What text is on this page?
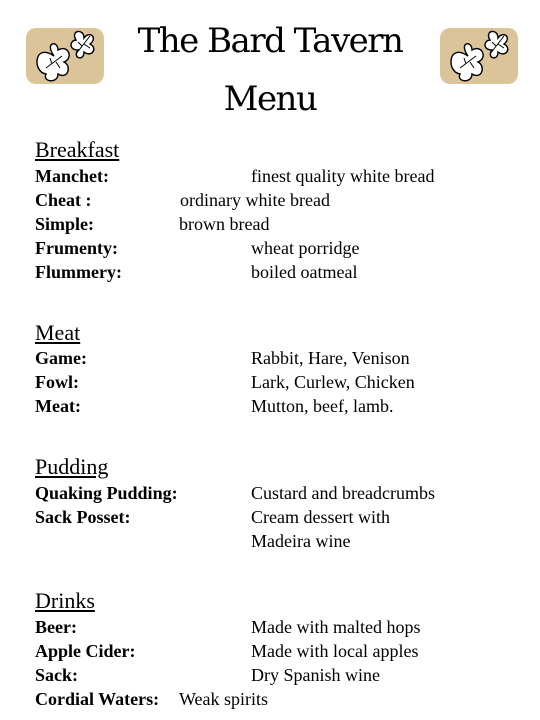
The Bard Tavern
Menu
Breakfast
Manchet:	finest quality white bread
Cheat :	ordinary white bread
Simple:	brown bread
Frumenty:	wheat porridge
Flummery:	boiled oatmeal
Meat
Game:	Rabbit, Hare, Venison
Fowl:	Lark, Curlew, Chicken
Meat:	Mutton, beef, lamb.
Pudding
Quaking Pudding:	Custard and breadcrumbs
Sack Posset:	Cream dessert with
Madeira wine
Drinks
Beer:	Made with malted hops
Apple Cider:	Made with local apples
Sack:	Dry Spanish wine
Cordial Waters: Weak spirits
